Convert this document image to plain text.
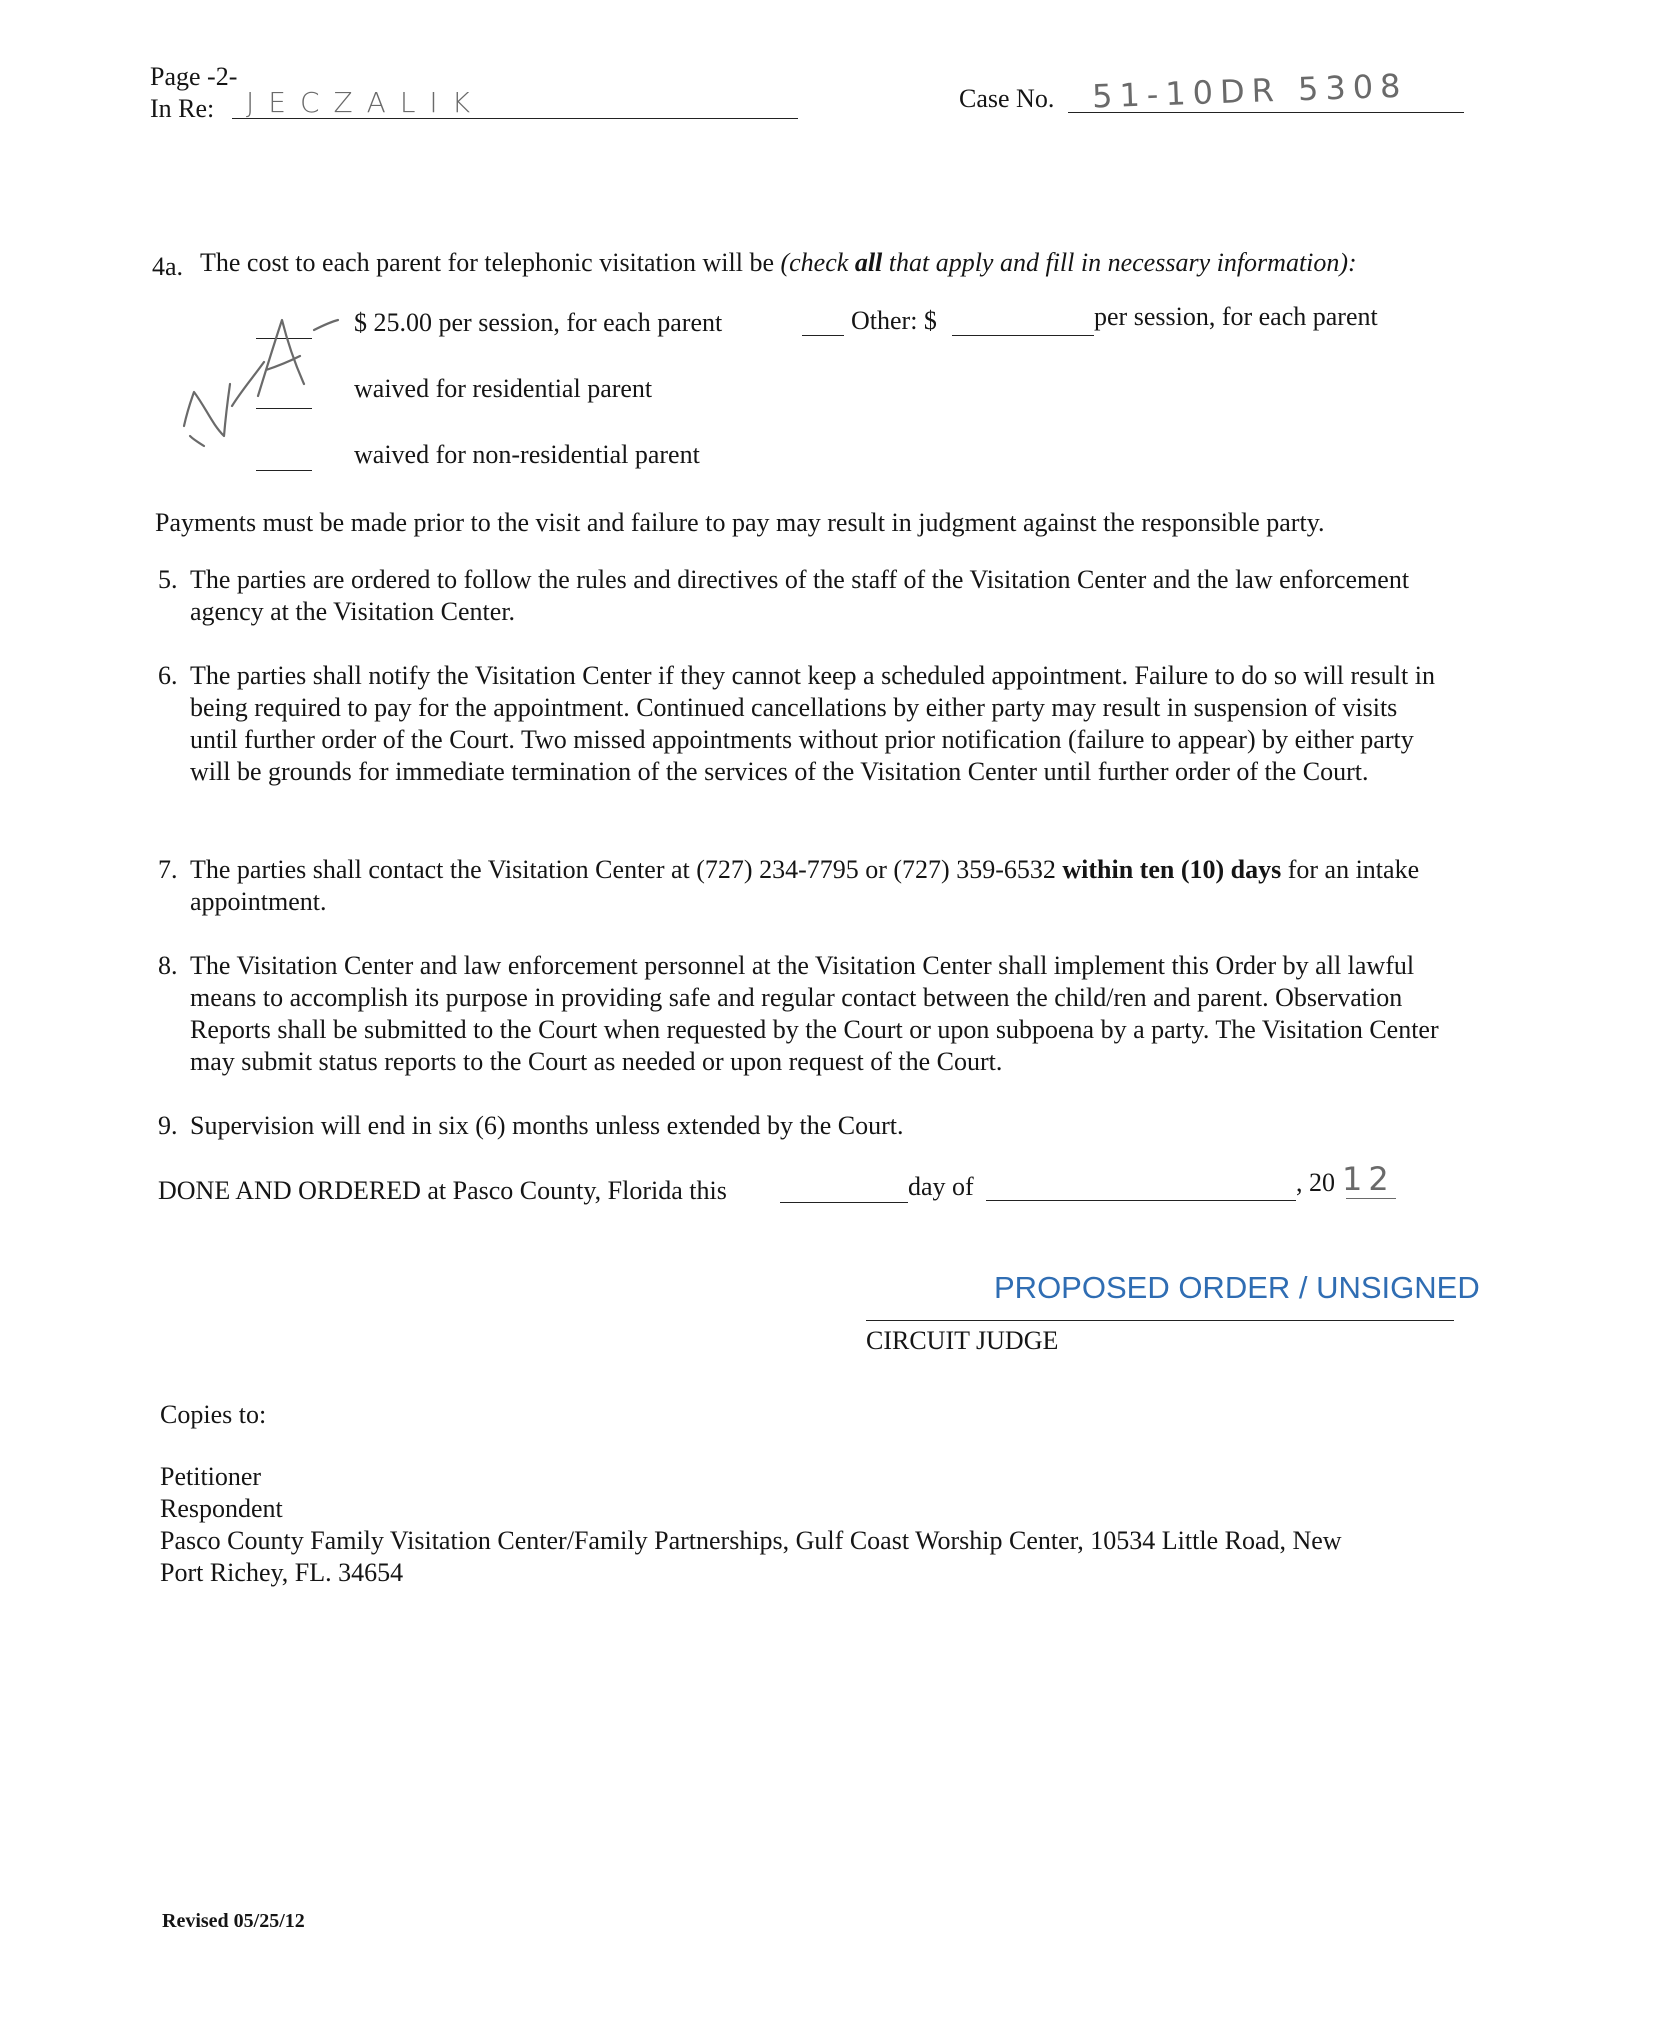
Page -2-
In Re: JECZALIK	Case No. 51-10DR 5308
4a. The cost to each parent for telephonic visitation will be (check all that apply and fill in necessary information):
$ 25.00 per session, for each parent	Other: $	per session, for each parent
waived for residential parent
waived for non-residential parent
Payments must be made prior to the visit and failure to pay may result in judgment against the responsible party.
5. The parties are ordered to follow the rules and directives of the staff of the Visitation Center and the law enforcement agency at the Visitation Center.
6. The parties shall notify the Visitation Center if they cannot keep a scheduled appointment. Failure to do so will result in being required to pay for the appointment. Continued cancellations by either party may result in suspension of visits until further order of the Court. Two missed appointments without prior notification (failure to appear) by either party will be grounds for immediate termination of the services of the Visitation Center until further order of the Court.
7. The parties shall contact the Visitation Center at (727) 234-7795 or (727) 359-6532 within ten (10) days for an intake appointment.
8. The Visitation Center and law enforcement personnel at the Visitation Center shall implement this Order by all lawful means to accomplish its purpose in providing safe and regular contact between the child/ren and parent. Observation Reports shall be submitted to the Court when requested by the Court or upon subpoena by a party. The Visitation Center may submit status reports to the Court as needed or upon request of the Court.
9. Supervision will end in six (6) months unless extended by the Court.
DONE AND ORDERED at Pasco County, Florida this	day of	, 20 12
PROPOSED ORDER / UNSIGNED
CIRCUIT JUDGE
Copies to:
Petitioner
Respondent
Pasco County Family Visitation Center/Family Partnerships, Gulf Coast Worship Center, 10534 Little Road, New
Port Richey, FL. 34654
Revised 05/25/12
